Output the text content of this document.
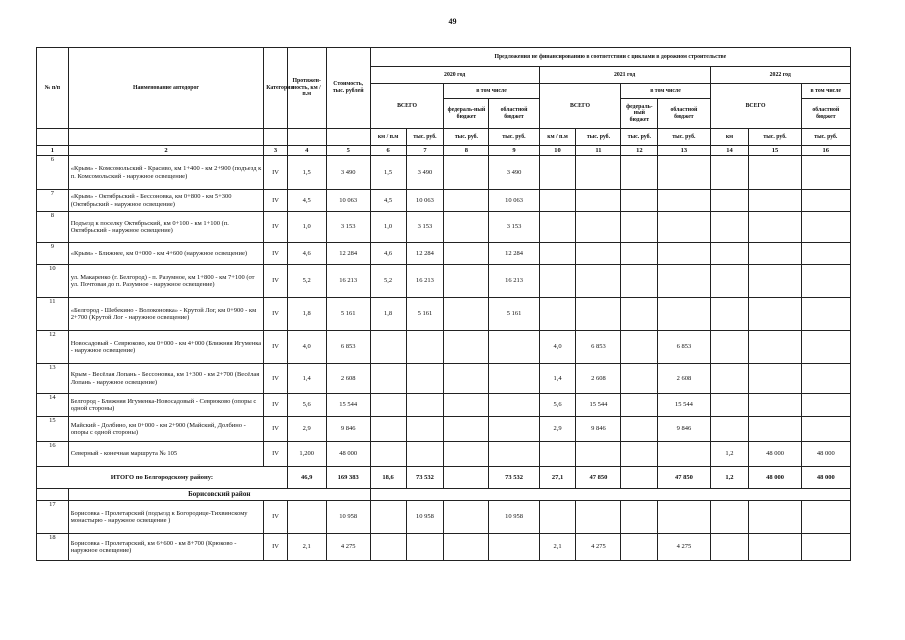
49
№ п/п	Наименование автодорог	Категория	Протяжен-ность, км / п.м	Стоимость, тыс. рублей	Предложения не финансированию в соответствии с циклами в дорожном строительстве										
					2020 год				2021 год				2022 год		
					ВСЕГО		в том числе		ВСЕГО		в том числе		ВСЕГО		в том числе
							федераль-ный бюджет	областной бюджет			федераль-ный бюджет	областной бюджет			областной бюджет
					км / п.м	тыс. руб.	тыс. руб.	тыс. руб.	км / п.м	тыс. руб.	тыс. руб.	тыс. руб.	км	тыс. руб.	тыс. руб.
1	2	3	4	5	6	7	8	9	10	11	12	13	14	15	16
6	«Крым» - Комсомольский - Красиво, км 1+400 - км 2+900 (подъезд к п. Комсомольский - наружное освещение)	IV	1,5	3 490	1,5	3 490		3 490							
7	«Крым» - Октябрьский - Бессоновка, км 0+800 - км 5+300 (Октябрьский - наружное освещение)	IV	4,5	10 063	4,5	10 063		10 063							
8	Подъезд к поселку Октябрьский, км 0+100 - км 1+100 (п. Октябрьский - наружное освещение)	IV	1,0	3 153	1,0	3 153		3 153							
9	«Крым» - Ближнее, км 0+000 - км 4+600 (наружное освещение)	IV	4,6	12 284	4,6	12 284		12 284							
10	ул. Макаренко (г. Белгород) - п. Разумное, км 1+800 - км 7+100 (от ул. Почтовая до п. Разумное - наружное освещение)	IV	5,2	16 213	5,2	16 213		16 213							
11	«Белгород - Шебекино - Волоконовка» - Крутой Лог, км 0+900 - км 2+700 (Крутой Лог - наружное освещение)	IV	1,8	5 161	1,8	5 161		5 161							
12	Новосадовый - Севрюково, км 0+000 - км 4+000 (Ближняя Игуменка - наружное освещение)	IV	4,0	6 853					4,0	6 853		6 853			
13	Крым - Весёлая Лопань - Бессоновка, км 1+300 - км 2+700 (Весёлая Лопань - наружное освещение)	IV	1,4	2 608					1,4	2 608		2 608			
14	Белгород - Ближняя Игуменка-Новосадовый - Севрюково (опоры с одной стороны)	IV	5,6	15 544					5,6	15 544		15 544			
15	Майский - Долбино, км 0+000 - км 2+900 (Майский, Долбино - опоры с одной стороны)	IV	2,9	9 846					2,9	9 846		9 846			
16	Северный - конечная маршрута № 105	IV	1,200	48 000									1,2	48 000	48 000
ИТОГО по Белгородскому району:			46,9	169 383	18,6	73 532		73 532	27,1	47 850		47 850	1,2	48 000	48 000
	Борисовский район														
17	Борисовка - Пролетарский (подъезд к Богородице-Тихвинскому монастырю - наружное освещение )	IV		10 958		10 958		10 958							
18	Борисовка - Пролетарский, км 6+600 - км 8+700 (Крюково - наружное освещение)	IV	2,1	4 275					2,1	4 275		4 275			
